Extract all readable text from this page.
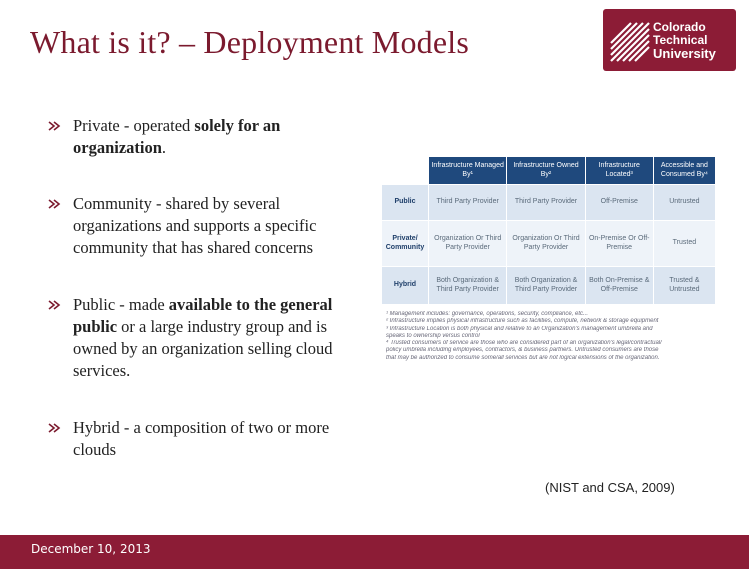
What is it? – Deployment Models	Colorado
Technical
University
Private - operated solely for an
organization.
Community - shared by several
organizations and supports a specific
community that has shared concerns
Public - made available to the general
public or a large industry group and is
owned by an organization selling cloud
services.
Hybrid - a composition of two or more
clouds
	Infrastructure Managed By¹	Infrastructure Owned By²	Infrastructure Located³	Accessible and Consumed By⁴
Public	Third Party Provider	Third Party Provider	Off-Premise	Untrusted
Private/ Community	Organization Or Third Party Provider	Organization Or Third Party Provider	On-Premise Or Off-Premise	Trusted
Hybrid	Both Organization & Third Party Provider	Both Organization & Third Party Provider	Both On-Premise & Off-Premise	Trusted & Untrusted
¹ Management includes: governance, operations, security, compliance, etc...
² Infrastructure implies physical infrastructure such as facilities, compute, network & storage equipment
³ Infrastructure Location is both physical and relative to an Organization's management umbrella and
speaks to ownership versus control
⁴ Trusted consumers of service are those who are considered part of an organization's legal/contractual/
policy umbrella including employees, contractors, & business partners. Untrusted consumers are those
that may be authorized to consume some/all services but are not logical extensions of the organization.
(NIST and CSA, 2009)
December 10, 2013
